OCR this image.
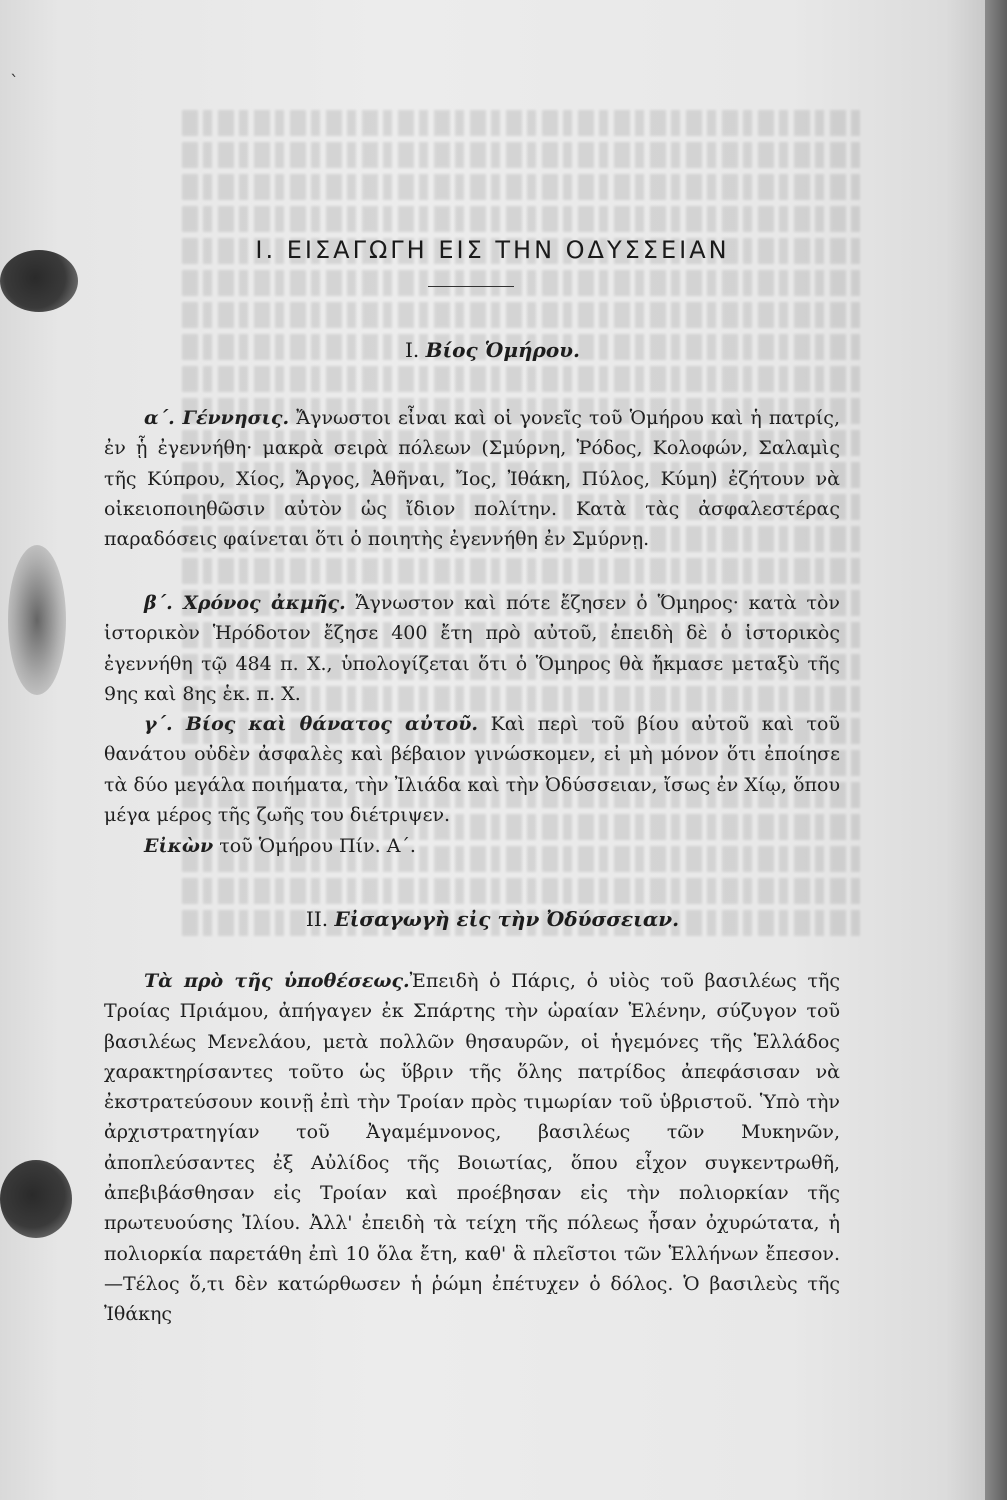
ˋ
I. ΕΙΣΑΓΩΓΗ ΕΙΣ ΤΗΝ ΟΔΥΣΣΕΙΑΝ
I. Βίος Ὁμήρου.

α΄. Γέννησις. Ἄγνωστοι εἶναι καὶ οἱ γονεῖς τοῦ Ὁμήρου καὶ ἡ πατρίς, ἐν ᾗ ἐγεννήθη· μακρὰ σειρὰ πόλεων (Σμύρνη, Ῥόδος, Κολοφών, Σαλαμὶς τῆς Κύπρου, Χίος, Ἄργος, Ἀθῆναι, Ἴος, Ἰθάκη, Πύλος, Κύμη) ἐζήτουν νὰ οἰκειοποιηθῶσιν αὐτὸν ὡς ἴδιον πολίτην. Κατὰ τὰς ἀσφαλεστέρας παραδόσεις φαίνεται ὅτι ὁ ποιητὴς ἐγεννήθη ἐν Σμύρνῃ.

β΄. Χρόνος ἀκμῆς. Ἄγνωστον καὶ πότε ἔζησεν ὁ Ὅμηρος· κατὰ τὸν ἱστορικὸν Ἡρόδοτον ἔζησε 400 ἔτη πρὸ αὐτοῦ, ἐπειδὴ δὲ ὁ ἱστορικὸς ἐγεννήθη τῷ 484 π. Χ., ὑπολογίζεται ὅτι ὁ Ὅμηρος θὰ ἤκμασε μεταξὺ τῆς 9ης καὶ 8ης ἑκ. π. Χ.

γ΄. Βίος καὶ θάνατος αὐτοῦ. Καὶ περὶ τοῦ βίου αὐτοῦ καὶ τοῦ θανάτου οὐδὲν ἀσφαλὲς καὶ βέβαιον γινώσκομεν, εἰ μὴ μόνον ὅτι ἐποίησε τὰ δύο μεγάλα ποιήματα, τὴν Ἰλιάδα καὶ τὴν Ὀδύσσειαν, ἴσως ἐν Χίῳ, ὅπου μέγα μέρος τῆς ζωῆς του διέτριψεν.

Εἰκὼν τοῦ Ὁμήρου Πίν. Α΄.

II. Εἰσαγωγὴ εἰς τὴν Ὀδύσσειαν.

Τὰ πρὸ τῆς ὑποθέσεως.Ἐπειδὴ ὁ Πάρις, ὁ υἱὸς τοῦ βασιλέως τῆς Τροίας Πριάμου, ἀπήγαγεν ἐκ Σπάρτης τὴν ὡραίαν Ἑλένην, σύζυγον τοῦ βασιλέως Μενελάου, μετὰ πολλῶν θησαυρῶν, οἱ ἡγεμόνες τῆς Ἑλλάδος χαρακτηρίσαντες τοῦτο ὡς ὕβριν τῆς ὅλης πατρίδος ἀπεφάσισαν νὰ ἐκστρατεύσουν κοινῇ ἐπὶ τὴν Τροίαν πρὸς τιμωρίαν τοῦ ὑβριστοῦ. Ὑπὸ τὴν ἀρχιστρατηγίαν τοῦ Ἀγαμέμνονος, βασιλέως τῶν Μυκηνῶν, ἀποπλεύσαντες ἐξ Αὐλίδος τῆς Βοιωτίας, ὅπου εἶχον συγκεντρωθῆ, ἀπεβιβάσθησαν εἰς Τροίαν καὶ προέβησαν εἰς τὴν πολιορκίαν τῆς πρωτευούσης Ἰλίου. Ἀλλ' ἐπειδὴ τὰ τείχη τῆς πόλεως ἦσαν ὀχυρώτατα, ἡ πολιορκία παρετάθη ἐπὶ 10 ὅλα ἔτη, καθ' ἃ πλεῖστοι τῶν Ἑλλήνων ἔπεσον.—Τέλος ὅ,τι δὲν κατώρθωσεν ἡ ῥώμη ἐπέτυχεν ὁ δόλος. Ὁ βασιλεὺς τῆς Ἰθάκης
